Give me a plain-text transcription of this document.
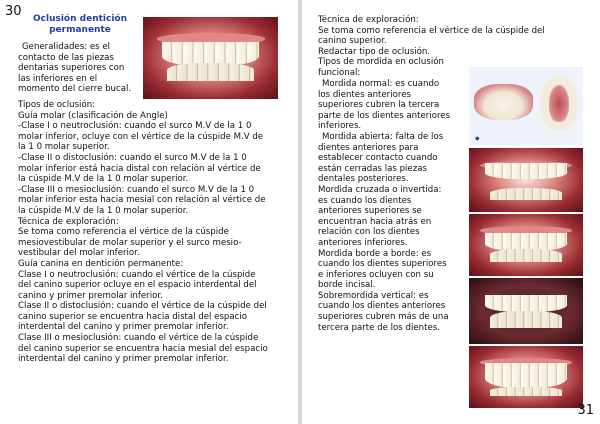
30	Oclusión dentición

permanente

Generalidades: es el

contacto de las piezas

dentarias superiores con

las inferiores en el

momento del cierre bucal.

Tipos de oclusión:

Guía molar (clasificación de Angle)

-Clase I o neutroclusión: cuando el surco M.V de la 1 0

molar inferior, ocluye con el vértice de la cúspide M.V de

la 1 0 molar superior.

-Clase II o distoclusión: cuando el surco M.V de la 1 0

molar inferior está hacia distal con relación al vértice de

la cúspide M.V de la 1 0 molar superior.

-Clase III o mesioclusión: cuando el surco M.V de la 1 0

molar inferior esta hacia mesial con relación al vértice de

la cúspide M.V de la 1 0 molar superior.

Técnica de exploración:

Se toma como referencia el vértice de la cúspide

mesiovestibular de molar superior y el surco mesio-

vestibular del molar inferior.

Guía canina en dentición permanente:

Clase I o neutroclusión: cuando el vértice de la cúspide

del canino superior ocluye en el espacio interdental del

canino y primer premolar inferior.

Clase II o distoclusión: cuando el vértice de la cúspide del

canino superior se encuentra hacia distal del espacio

interdental del canino y primer premolar inferior.

Clase III o mesioclusión: cuando el vértice de la cúspide

del canino superior se encuentra hacia mesial del espacio

interdental del canino y primer premolar inferior.

Técnica de exploración:

Se toma como referencia el vértice de la cúspide del

canino superior.

Redactar tipo de oclusión.

Tipos de mordida en oclusión

funcional:

Mordida normal: es cuando

los dientes anteriores

superiores cubren la tercera

parte de los dientes anteriores

inferiores.

Mordida abierta: falta de los

dientes anteriores para

establecer contacto cuando

están cerradas las piezas

dentales posteriores.

Mordida cruzada o invertida:

es cuando los dientes

anteriores superiores se

encuentran hacia atrás en

relación con los dientes

anteriores inferiores.

Mordida borde a borde: es

cuando los dientes superiores

e inferiores ocluyen con su

borde incisal.

Sobremordida vertical: es

cuando los dientes anteriores

superiores cubren más de una

tercera parte de los dientes.

◆
31
